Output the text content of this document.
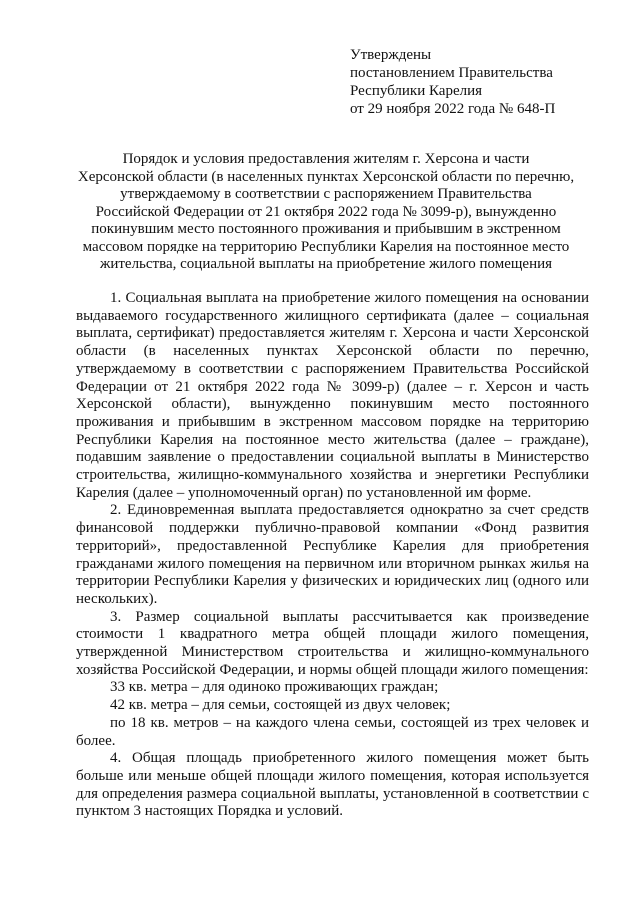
Утверждены
постановлением Правительства
Республики Карелия
от 29 ноября 2022 года № 648-П
Порядок и условия предоставления жителям г. Херсона и части
Херсонской области (в населенных пунктах Херсонской области по перечню,
утверждаемому в соответствии с распоряжением Правительства
Российской Федерации от 21 октября 2022 года № 3099-р), вынужденно
покинувшим место постоянного проживания и прибывшим в экстренном
массовом порядке на территорию Республики Карелия на постоянное место
жительства, социальной выплаты на приобретение жилого помещения

1. Социальная выплата на приобретение жилого помещения на основании выдаваемого государственного жилищного сертификата (далее – социальная выплата, сертификат) предоставляется жителям г. Херсона и части Херсонской области (в населенных пунктах Херсонской области по перечню, утверждаемому в соответствии с распоряжением Правительства Российской Федерации от 21 октября 2022 года № 3099-р) (далее – г. Херсон и часть Херсонской области), вынужденно покинувшим место постоянного проживания и прибывшим в экстренном массовом порядке на территорию Республики Карелия на постоянное место жительства (далее – граждане), подавшим заявление о предоставлении социальной выплаты в Министерство строительства, жилищно-коммунального хозяйства и энергетики Республики Карелия (далее – уполномоченный орган) по установленной им форме.

2. Единовременная выплата предоставляется однократно за счет средств финансовой поддержки публично-правовой компании «Фонд развития территорий», предоставленной Республике Карелия для приобретения гражданами жилого помещения на первичном или вторичном рынках жилья на территории Республики Карелия у физических и юридических лиц (одного или нескольких).

3. Размер социальной выплаты рассчитывается как произведение стоимости 1 квадратного метра общей площади жилого помещения, утвержденной Министерством строительства и жилищно-коммунального хозяйства Российской Федерации, и нормы общей площади жилого помещения:

33 кв. метра – для одиноко проживающих граждан;

42 кв. метра – для семьи, состоящей из двух человек;

по 18 кв. метров – на каждого члена семьи, состоящей из трех человек и более.

4. Общая площадь приобретенного жилого помещения может быть больше или меньше общей площади жилого помещения, которая используется для определения размера социальной выплаты, установленной в соответствии с пунктом 3 настоящих Порядка и условий.
